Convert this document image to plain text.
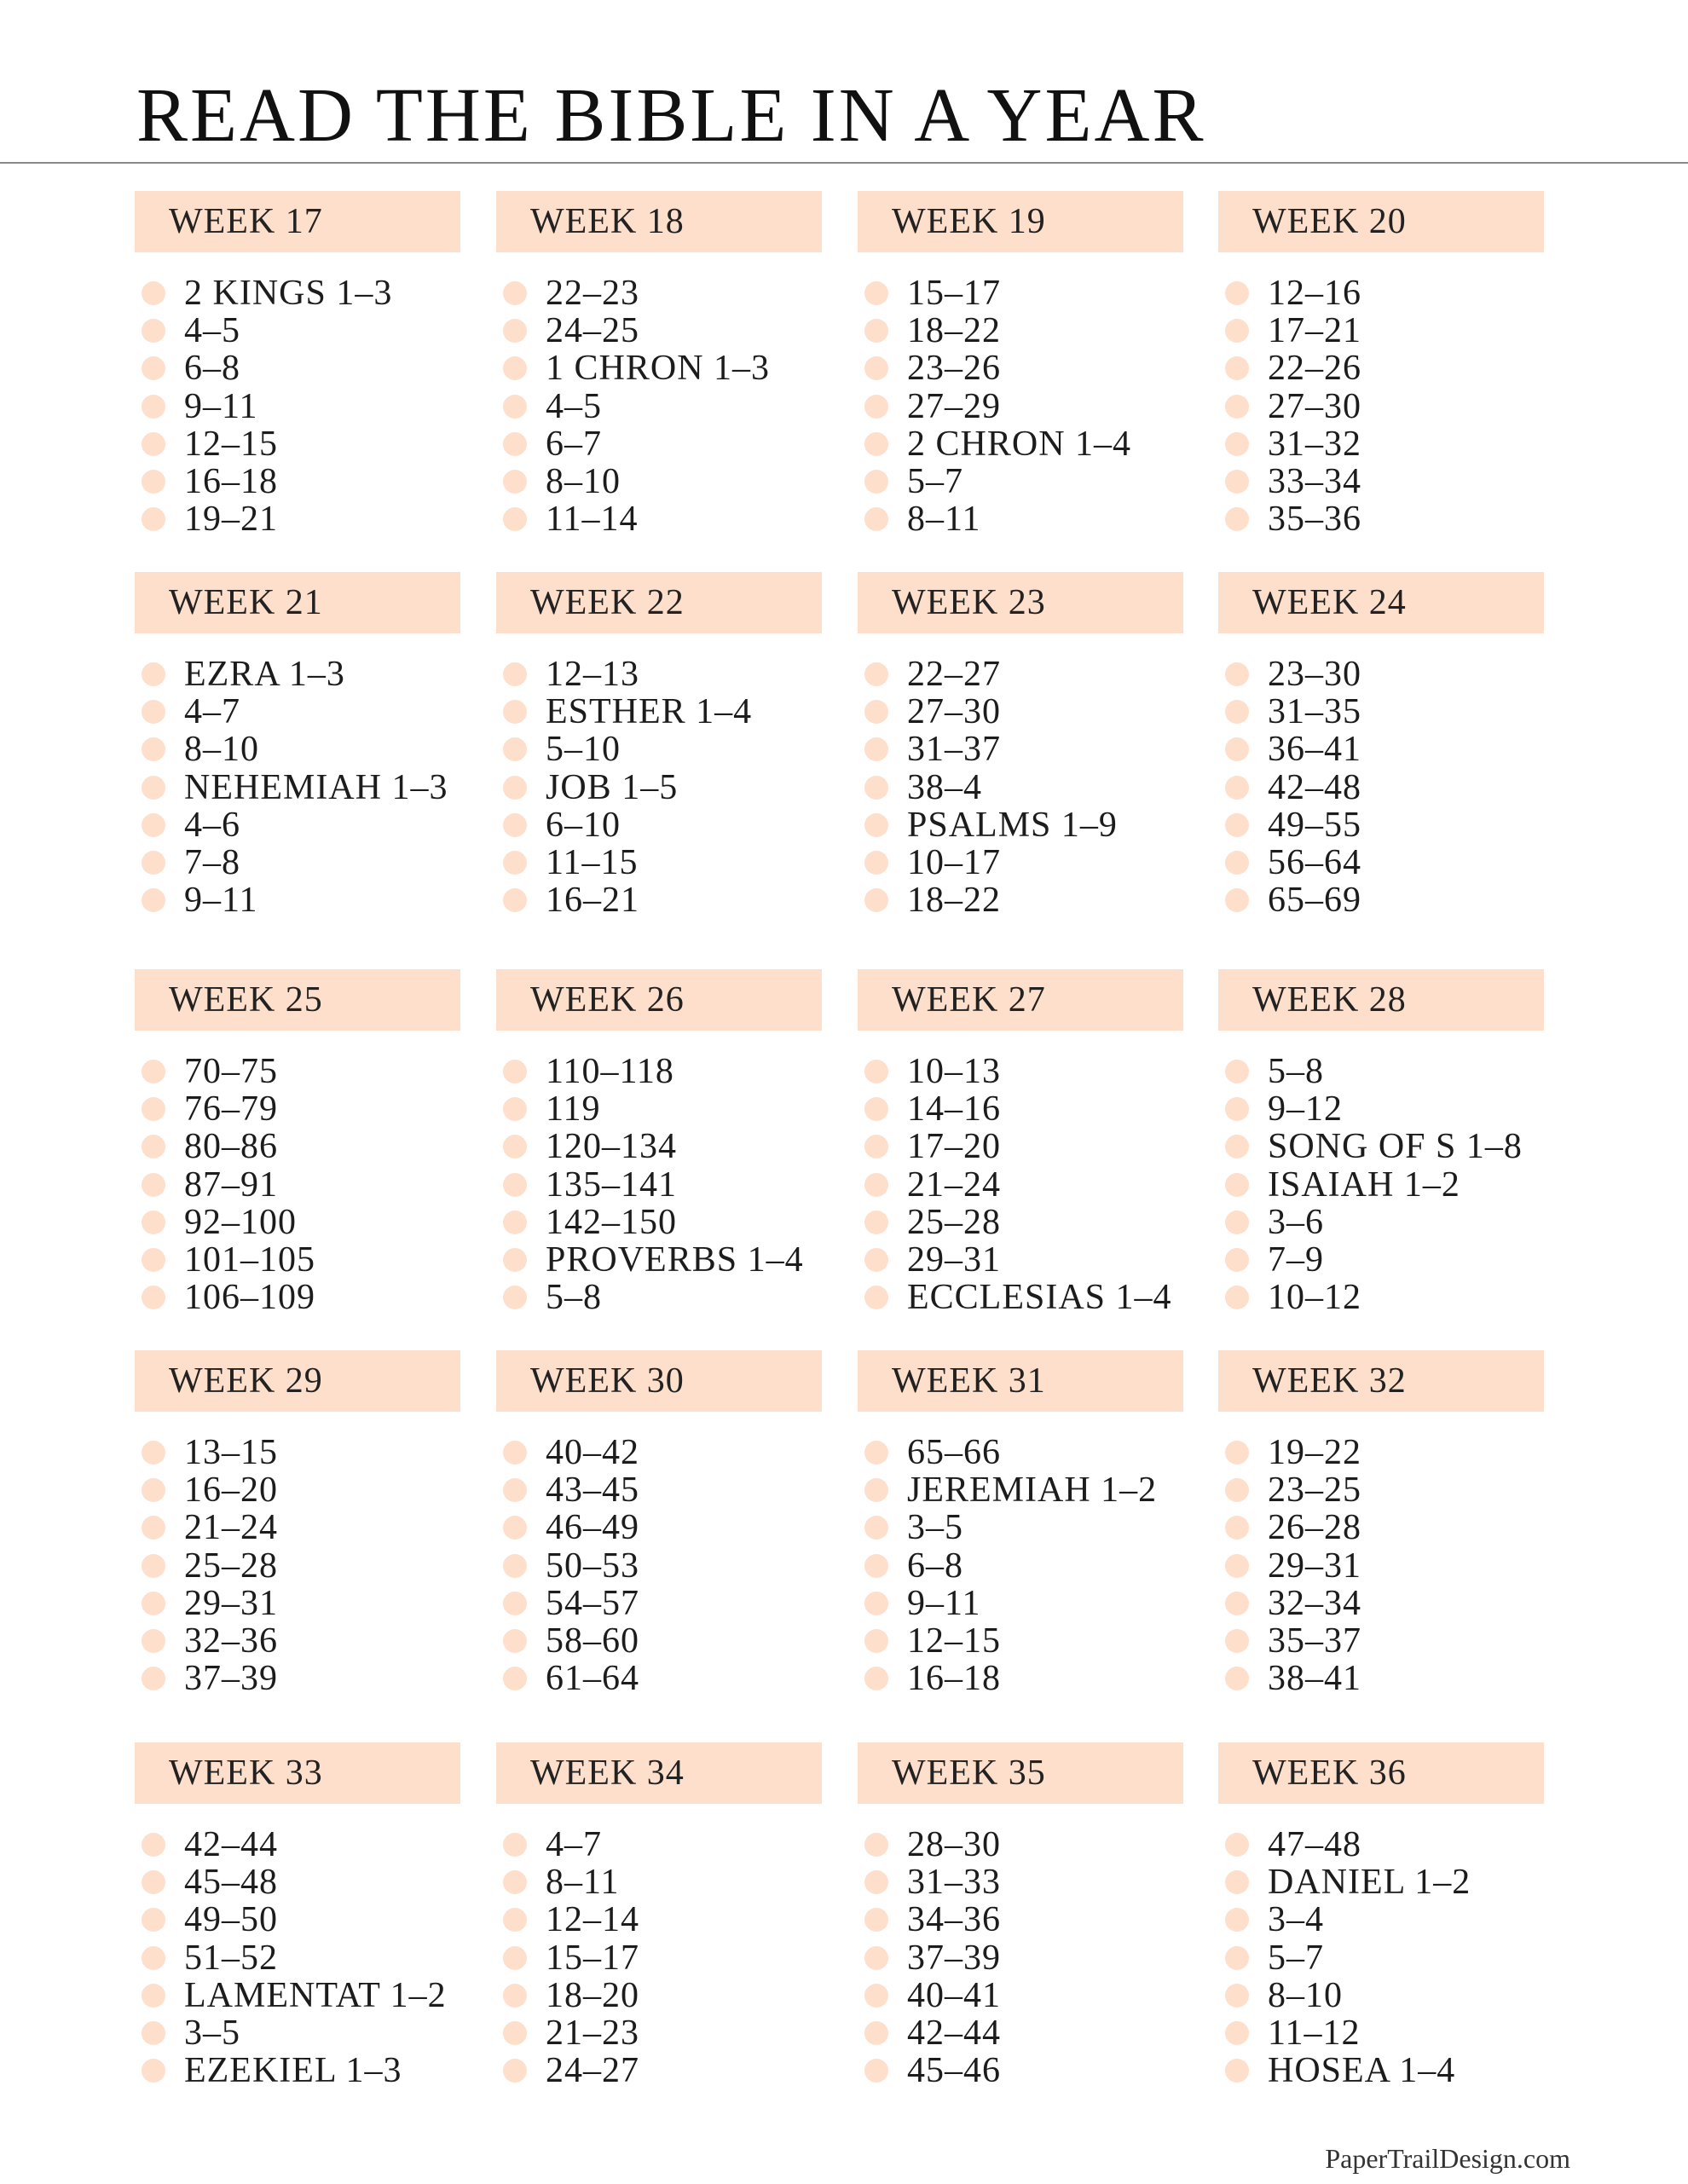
READ THE BIBLE IN A YEAR
WEEK 17
2 KINGS 1–3
4–5
6–8
9–11
12–15
16–18
19–21
WEEK 18
22–23
24–25
1 CHRON 1–3
4–5
6–7
8–10
11–14
WEEK 19
15–17
18–22
23–26
27–29
2 CHRON 1–4
5–7
8–11
WEEK 20
12–16
17–21
22–26
27–30
31–32
33–34
35–36
WEEK 21
EZRA 1–3
4–7
8–10
NEHEMIAH 1–3
4–6
7–8
9–11
WEEK 22
12–13
ESTHER 1–4
5–10
JOB 1–5
6–10
11–15
16–21
WEEK 23
22–27
27–30
31–37
38–4
PSALMS 1–9
10–17
18–22
WEEK 24
23–30
31–35
36–41
42–48
49–55
56–64
65–69
WEEK 25
70–75
76–79
80–86
87–91
92–100
101–105
106–109
WEEK 26
110–118
119
120–134
135–141
142–150
PROVERBS 1–4
5–8
WEEK 27
10–13
14–16
17–20
21–24
25–28
29–31
ECCLESIAS 1–4
WEEK 28
5–8
9–12
SONG OF S 1–8
ISAIAH 1–2
3–6
7–9
10–12
WEEK 29
13–15
16–20
21–24
25–28
29–31
32–36
37–39
WEEK 30
40–42
43–45
46–49
50–53
54–57
58–60
61–64
WEEK 31
65–66
JEREMIAH 1–2
3–5
6–8
9–11
12–15
16–18
WEEK 32
19–22
23–25
26–28
29–31
32–34
35–37
38–41
WEEK 33
42–44
45–48
49–50
51–52
LAMENTAT 1–2
3–5
EZEKIEL 1–3
WEEK 34
4–7
8–11
12–14
15–17
18–20
21–23
24–27
WEEK 35
28–30
31–33
34–36
37–39
40–41
42–44
45–46
WEEK 36
47–48
DANIEL 1–2
3–4
5–7
8–10
11–12
HOSEA 1–4
PaperTrailDesign.com
